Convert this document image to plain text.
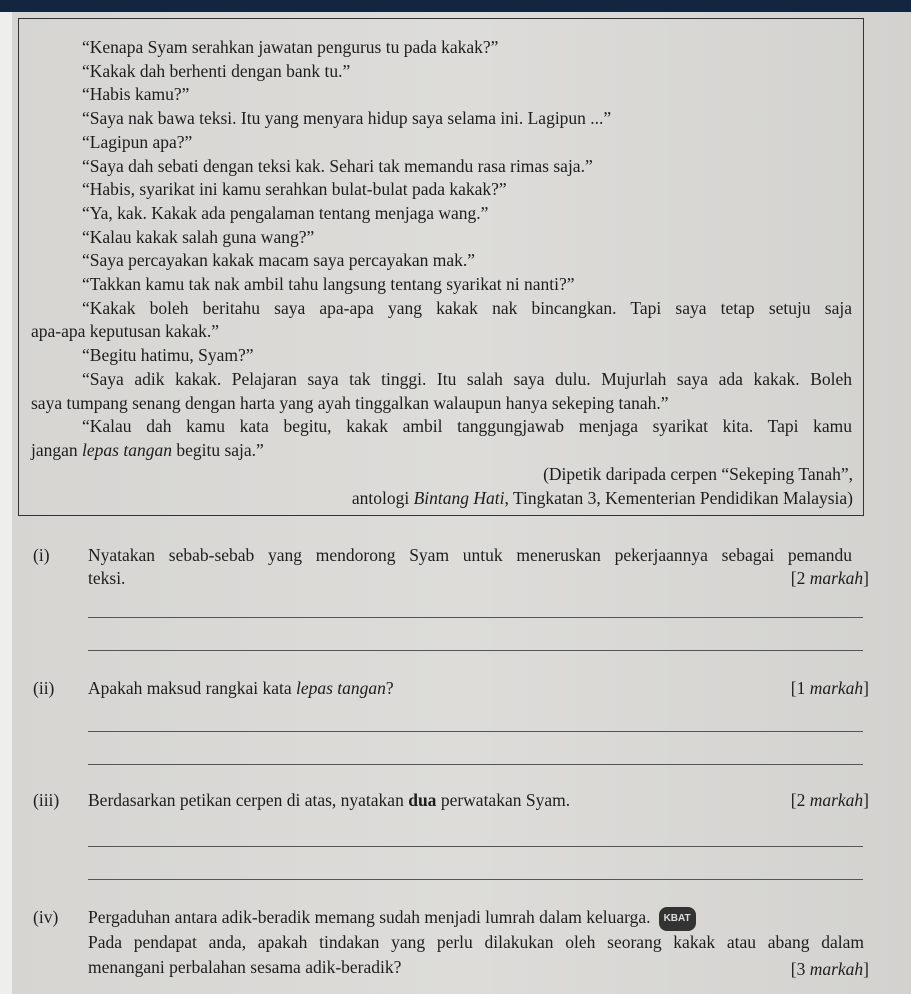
“Kenapa Syam serahkan jawatan pengurus tu pada kakak?”
“Kakak dah berhenti dengan bank tu.”
“Habis kamu?”
“Saya nak bawa teksi. Itu yang menyara hidup saya selama ini. Lagipun ...”
“Lagipun apa?”
“Saya dah sebati dengan teksi kak. Sehari tak memandu rasa rimas saja.”
“Habis, syarikat ini kamu serahkan bulat-bulat pada kakak?”
“Ya, kak. Kakak ada pengalaman tentang menjaga wang.”
“Kalau kakak salah guna wang?”
“Saya percayakan kakak macam saya percayakan mak.”
“Takkan kamu tak nak ambil tahu langsung tentang syarikat ni nanti?”
“Kakak boleh beritahu saya apa-apa yang kakak nak bincangkan. Tapi saya tetap setuju saja
apa-apa keputusan kakak.”
“Begitu hatimu, Syam?”
“Saya adik kakak. Pelajaran saya tak tinggi. Itu salah saya dulu. Mujurlah saya ada kakak. Boleh
saya tumpang senang dengan harta yang ayah tinggalkan walaupun hanya sekeping tanah.”
“Kalau dah kamu kata begitu, kakak ambil tanggungjawab menjaga syarikat kita. Tapi kamu
jangan lepas tangan begitu saja.”
(Dipetik daripada cerpen “Sekeping Tanah”,
antologi Bintang Hati, Tingkatan 3, Kementerian Pendidikan Malaysia)
(i) Nyatakan sebab-sebab yang mendorong Syam untuk meneruskan pekerjaannya sebagai pemandu
teksi.	[2 markah]
(ii) Apakah maksud rangkai kata lepas tangan?	[1 markah]
(iii) Berdasarkan petikan cerpen di atas, nyatakan dua perwatakan Syam.	[2 markah]
(iv) Pergaduhan antara adik-beradik memang sudah menjadi lumrah dalam keluarga. KBAT
Pada pendapat anda, apakah tindakan yang perlu dilakukan oleh seorang kakak atau abang dalam
menangani perbalahan sesama adik-beradik?	[3 markah]
